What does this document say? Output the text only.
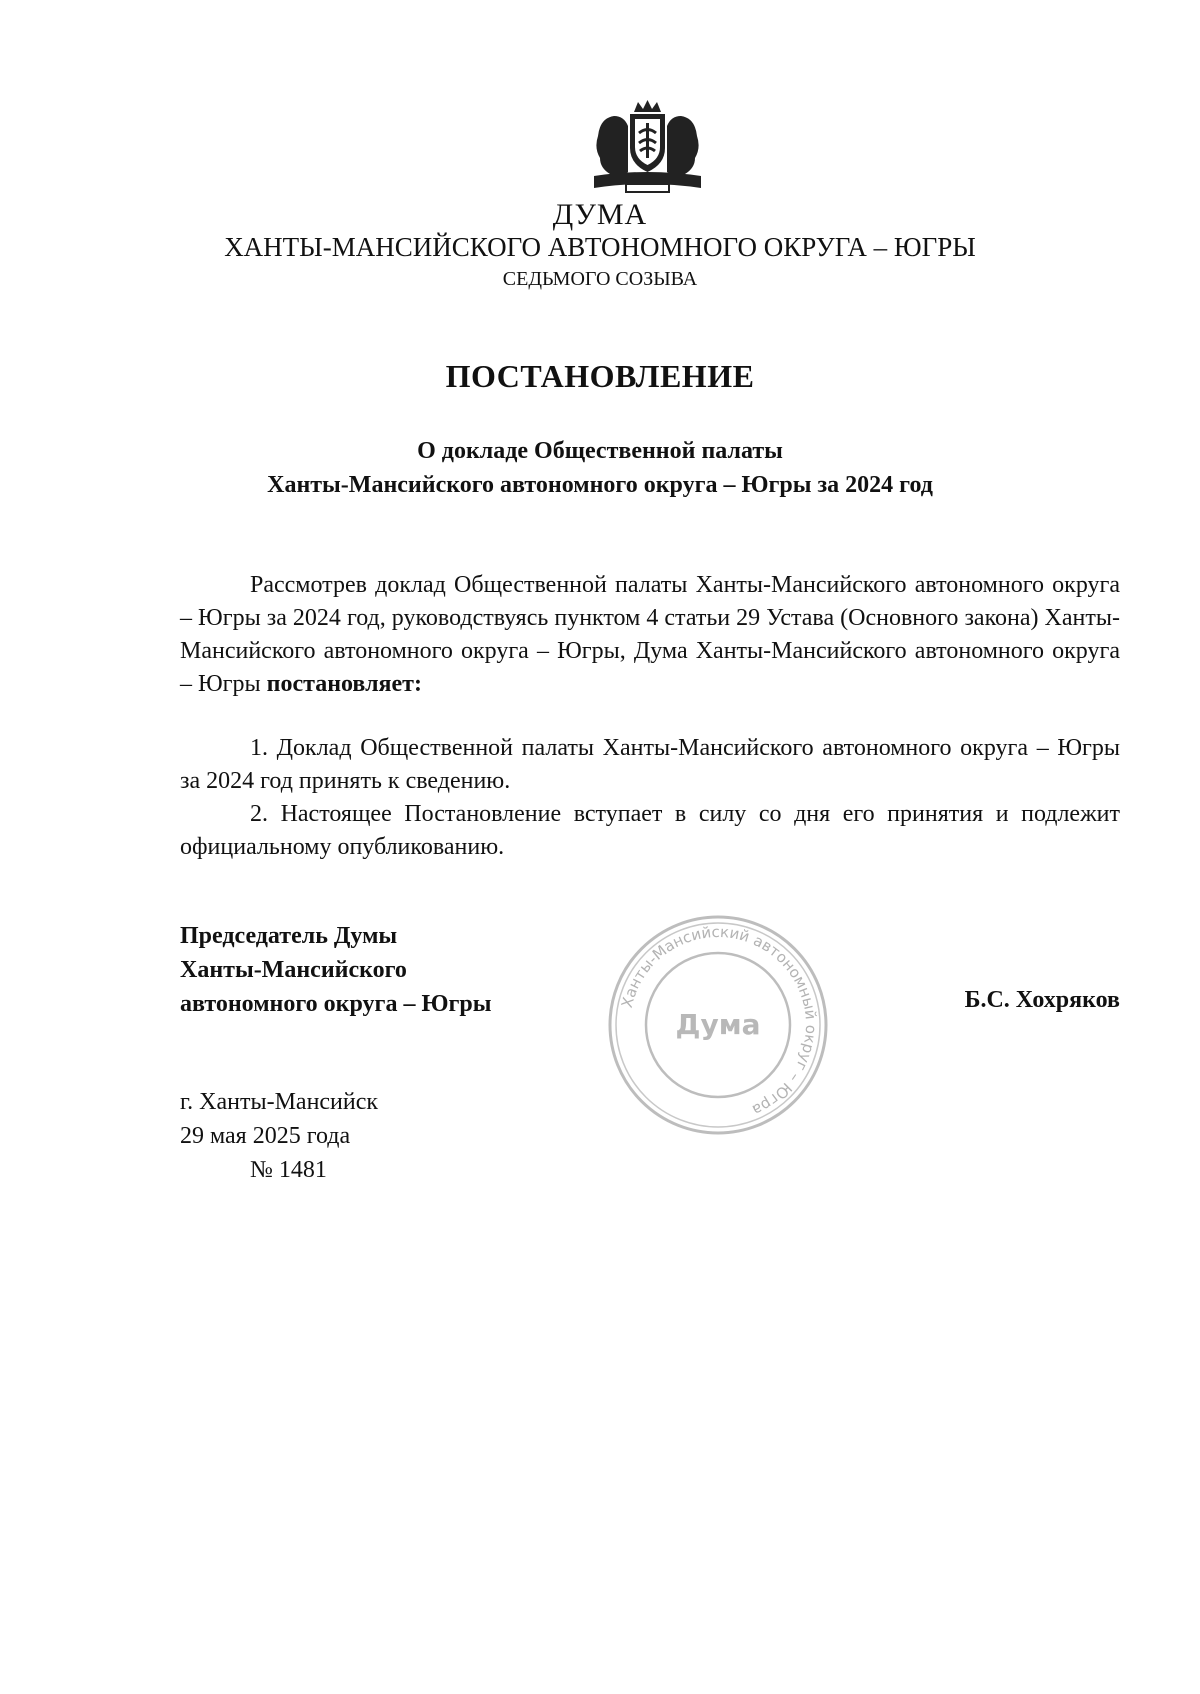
ДУМА
ХАНТЫ-МАНСИЙСКОГО АВТОНОМНОГО ОКРУГА – ЮГРЫ
СЕДЬМОГО СОЗЫВА
ПОСТАНОВЛЕНИЕ
О докладе Общественной палаты
Ханты-Мансийского автономного округа – Югры за 2024 год

Рассмотрев доклад Общественной палаты Ханты-Мансийского автономного округа – Югры за 2024 год, руководствуясь пунктом 4 статьи 29 Устава (Основного закона) Ханты-Мансийского автономного округа – Югры, Дума Ханты-Мансийского автономного округа – Югры постановляет:

1. Доклад Общественной палаты Ханты-Мансийского автономного округа – Югры за 2024 год принять к сведению.

2. Настоящее Постановление вступает в силу со дня его принятия и подлежит официальному опубликованию.

Председатель Думы
Ханты-Мансийского
автономного округа – Югры	Ханты-Мансийский автономный округ – Югра
Дума
Б.С. Хохряков
г. Ханты-Мансийск
29 мая 2025 года
№ 1481
